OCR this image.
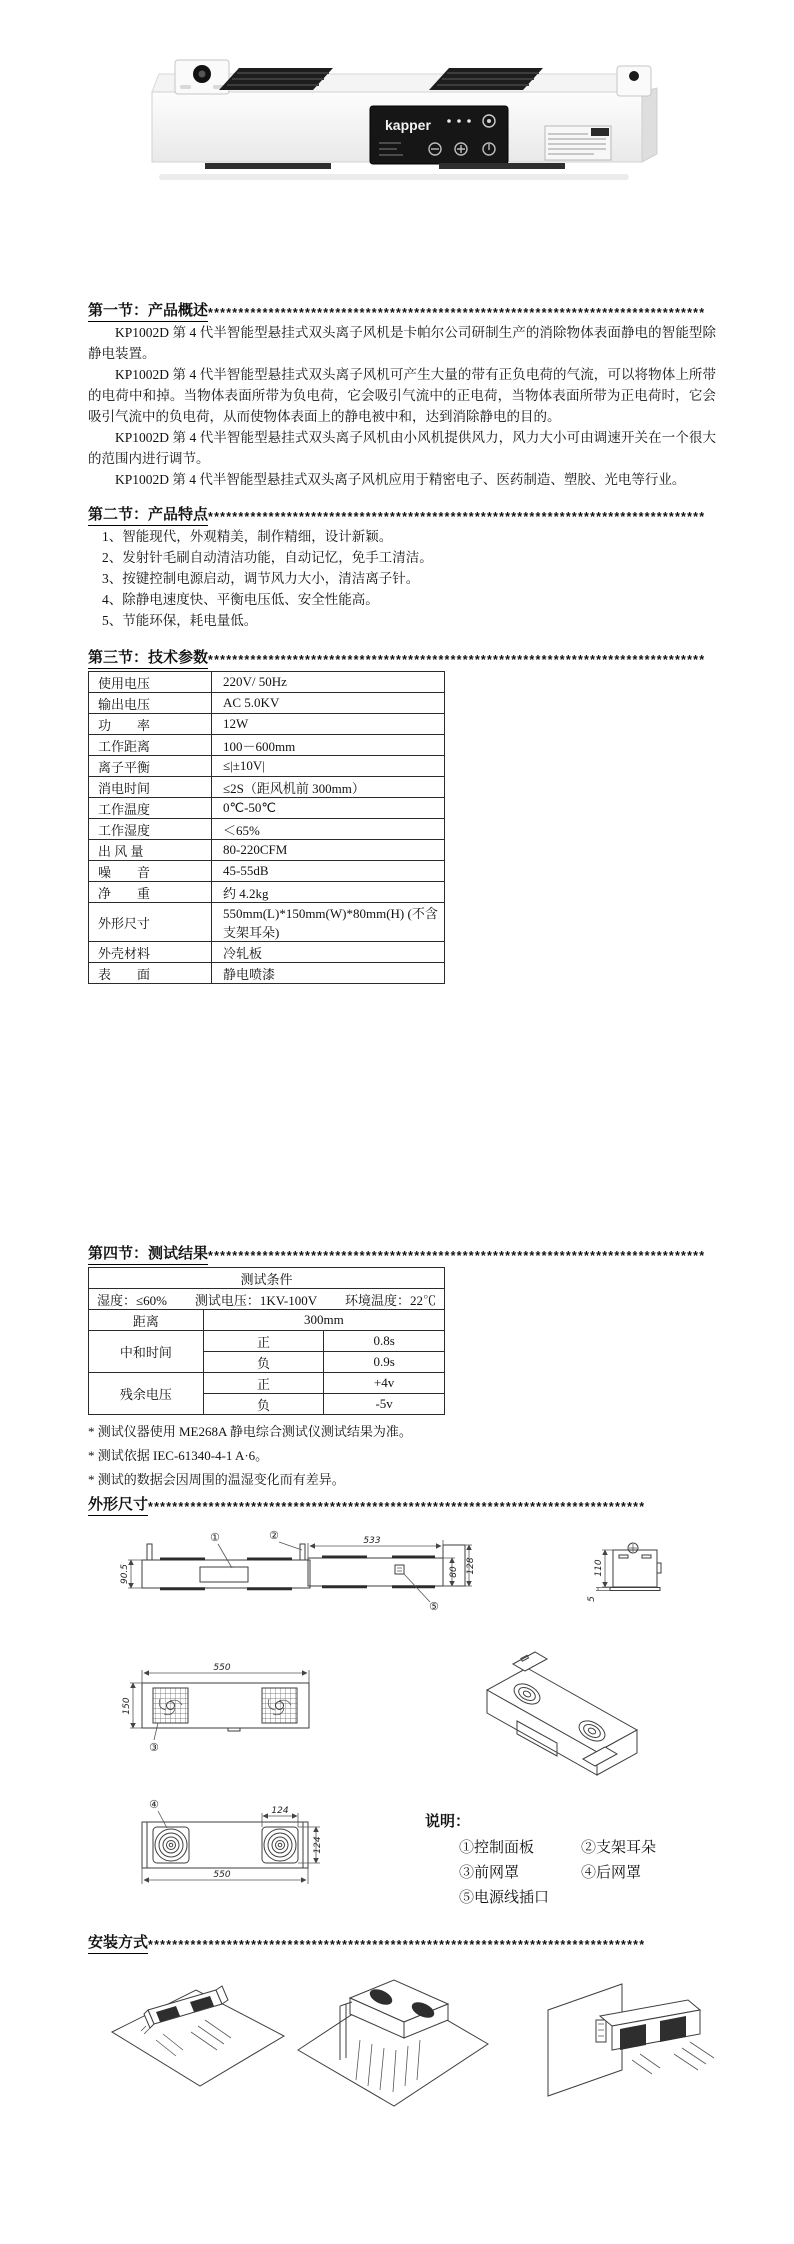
kapper
第一节：产品概述 **********************************************************************************

KP1002D 第 4 代半智能型悬挂式双头离子风机是卡帕尔公司研制生产的消除物体表面静电的智能型除静电装置。

KP1002D 第 4 代半智能型悬挂式双头离子风机可产生大量的带有正负电荷的气流，可以将物体上所带的电荷中和掉。当物体表面所带为负电荷，它会吸引气流中的正电荷，当物体表面所带为正电荷时，它会吸引气流中的负电荷，从而使物体表面上的静电被中和，达到消除静电的目的。

KP1002D 第 4 代半智能型悬挂式双头离子风机由小风机提供风力，风力大小可由调速开关在一个很大的范围内进行调节。

KP1002D 第 4 代半智能型悬挂式双头离子风机应用于精密电子、医药制造、塑胶、光电等行业。

第二节：产品特点 **********************************************************************************

1、智能现代，外观精美，制作精细，设计新颖。

2、发射针毛刷自动清洁功能，自动记忆，免手工清洁。

3、按键控制电源启动，调节风力大小，清洁离子针。

4、除静电速度快、平衡电压低、安全性能高。

5、节能环保，耗电量低。

第三节：技术参数 **********************************************************************************
使用电压	220V/ 50Hz
输出电压	AC 5.0KV
功　　率	12W
工作距离	100－600mm
离子平衡	≤|±10V|
消电时间	≤2S（距风机前 300mm）
工作温度	0℃-50℃
工作湿度	＜65%
出 风 量	80-220CFM
噪　　音	45-55dB
净　　重	约 4.2kg
外形尺寸	550mm(L)*150mm(W)*80mm(H) (不含支架耳朵)
外壳材料	冷轧板
表　　面	静电喷漆
第四节：测试结果 **********************************************************************************
测试条件		

湿度：≤60% 测试电压：1KV-100V 环境温度：22℃		

距离	300mm	
中和时间	正	0.8s
	负	0.9s
残余电压	正	+4v
	负	-5v

* 测试仪器使用 ME268A 静电综合测试仪测试结果为准。

* 测试依据 IEC-61340-4-1 A·6。

* 测试的数据会因周围的温湿变化而有差异。

外形尺寸 **********************************************************************************
90.5
①	②	533
80 128
⑤
110
5
550
150
③
④	124
124
550
说明：
①控制面板	②支架耳朵
③前网罩	④后网罩
⑤电源线插口
安装方式 **********************************************************************************
